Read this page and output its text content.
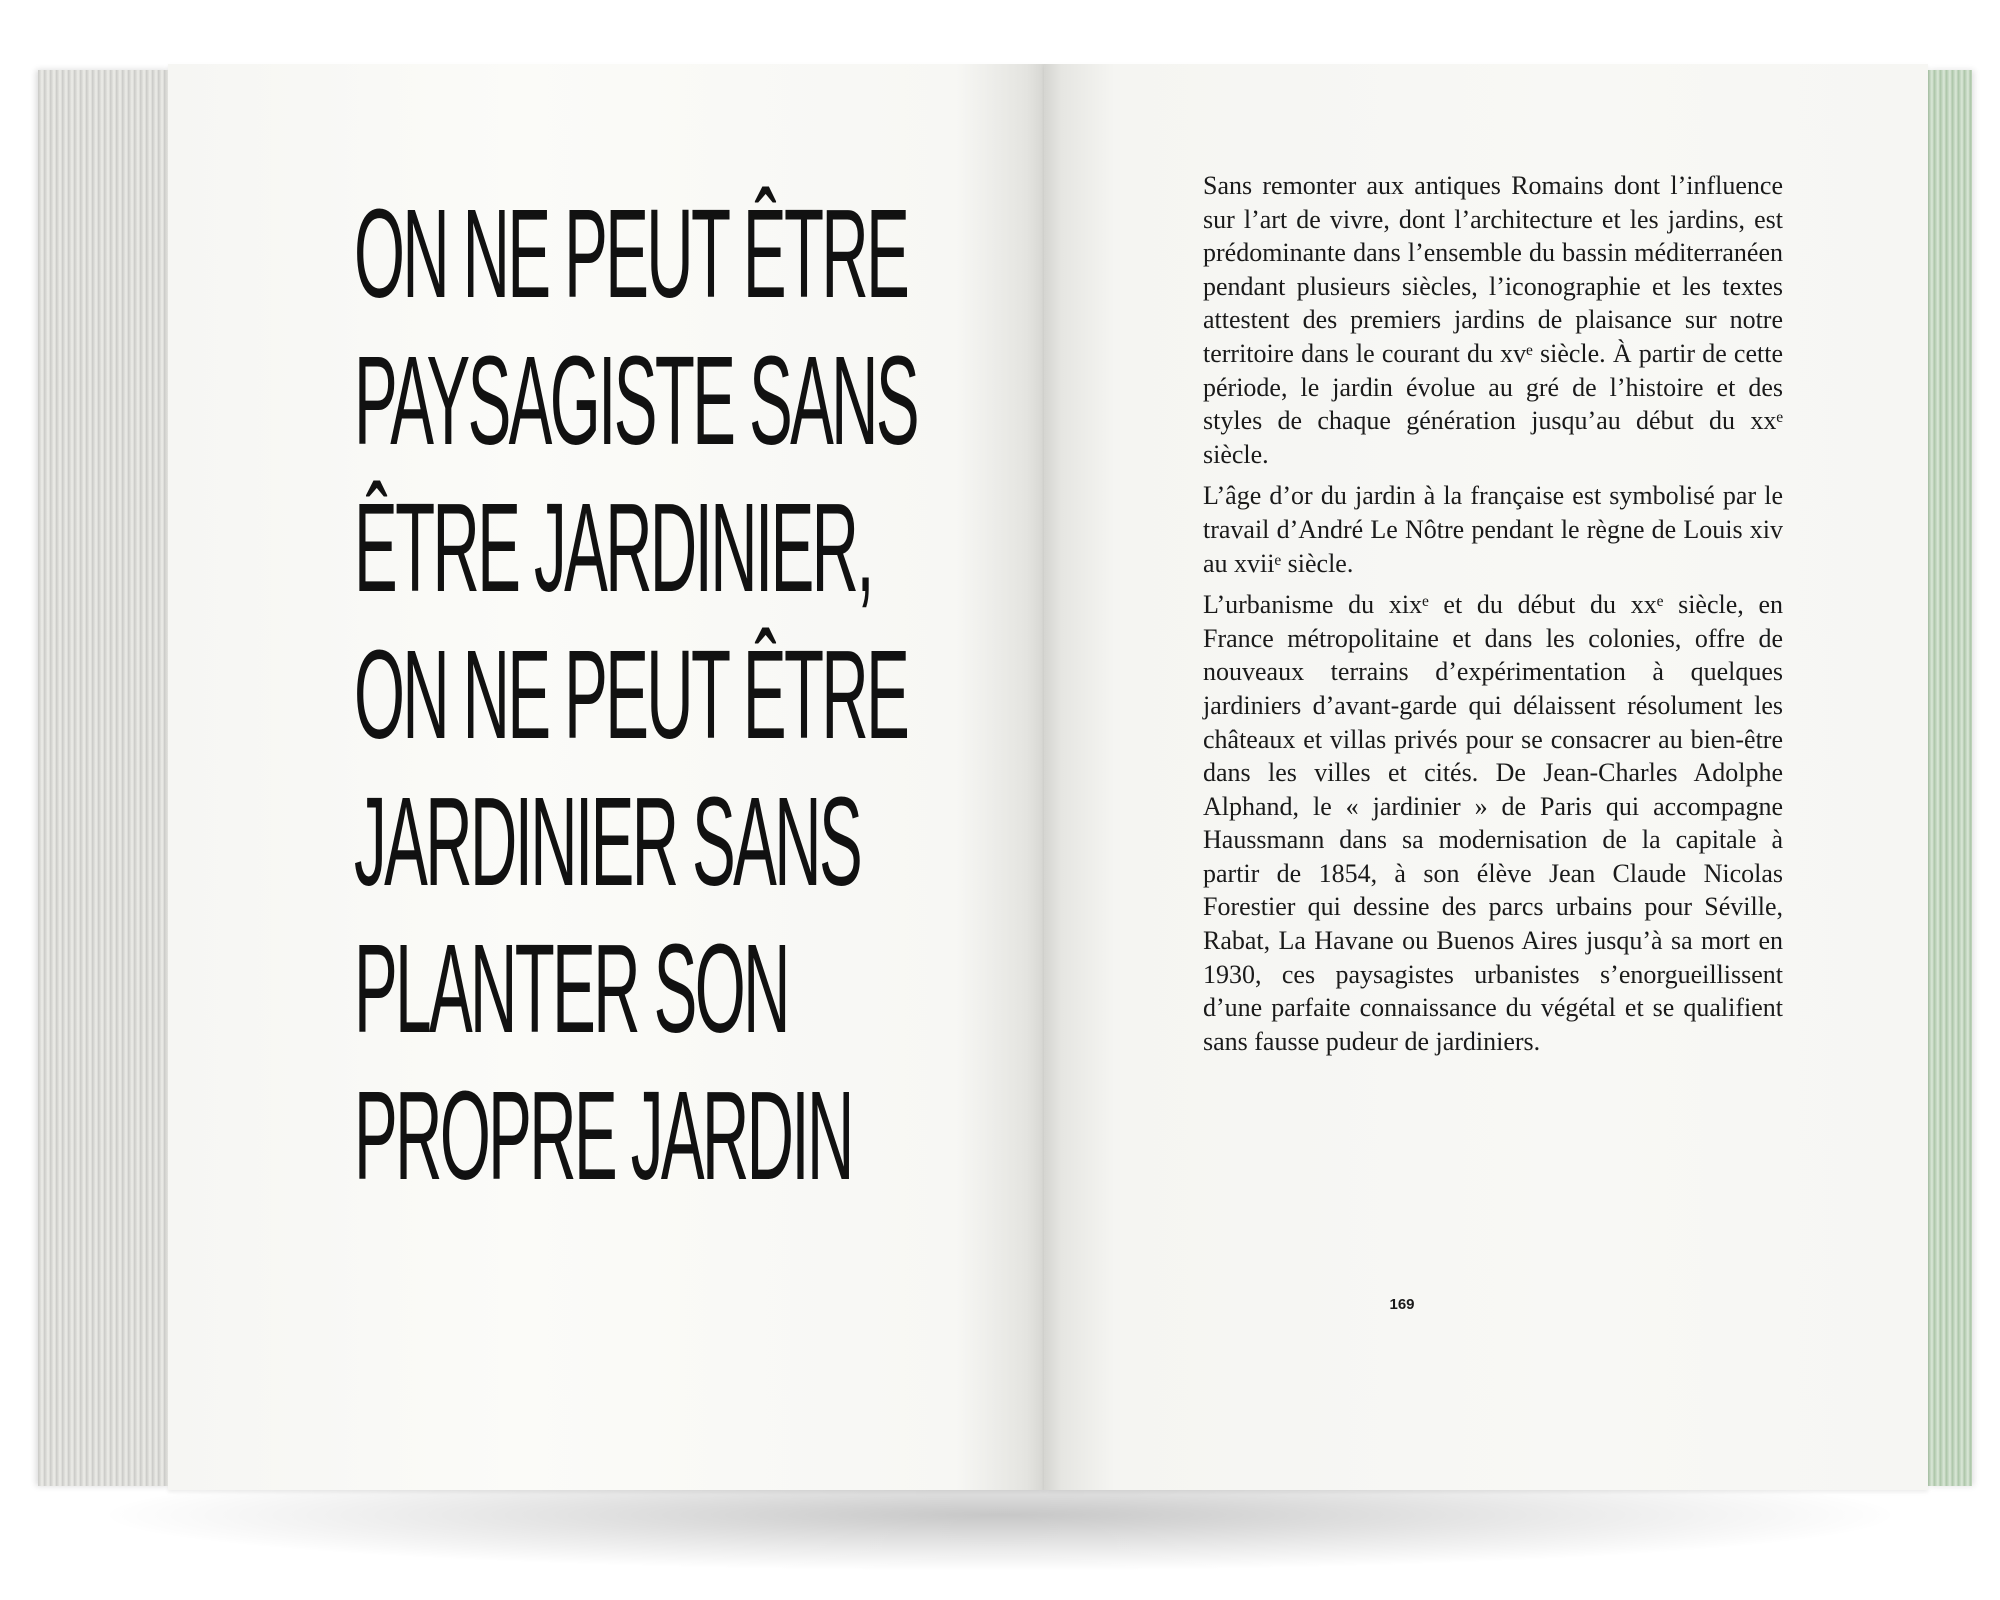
ON NE PEUT ÊTRE
PAYSAGISTE SANS
ÊTRE JARDINIER,
ON NE PEUT ÊTRE
JARDINIER SANS
PLANTER SON
PROPRE JARDIN

Sans remonter aux antiques Romains dont l’influence sur l’art de vivre, dont l’architecture et les jardins, est prédominante dans l’ensemble du bassin méditerranéen pendant plusieurs siècles, l’iconographie et les textes attestent des premiers jardins de plaisance sur notre territoire dans le courant du xvᵉ siècle. À partir de cette période, le jardin évolue au gré de l’histoire et des styles de chaque génération jusqu’au début du xxᵉ siècle.

L’âge d’or du jardin à la française est symbolisé par le travail d’André Le Nôtre pendant le règne de Louis xiv au xviiᵉ siècle.

L’urbanisme du xixᵉ et du début du xxᵉ siècle, en France métropolitaine et dans les colonies, offre de nouveaux terrains d’expérimentation à quelques jardiniers d’avant-garde qui délaissent résolument les châteaux et villas privés pour se consacrer au bien-être dans les villes et cités. De Jean-Charles Adolphe Alphand, le « jardinier » de Paris qui accompagne Haussmann dans sa modernisation de la capitale à partir de 1854, à son élève Jean Claude Nicolas Forestier qui dessine des parcs urbains pour Séville, Rabat, La Havane ou Buenos Aires jusqu’à sa mort en 1930, ces paysagistes urbanistes s’enorgueillissent d’une parfaite connaissance du végétal et se qualifient sans fausse pudeur de jardiniers.

169
